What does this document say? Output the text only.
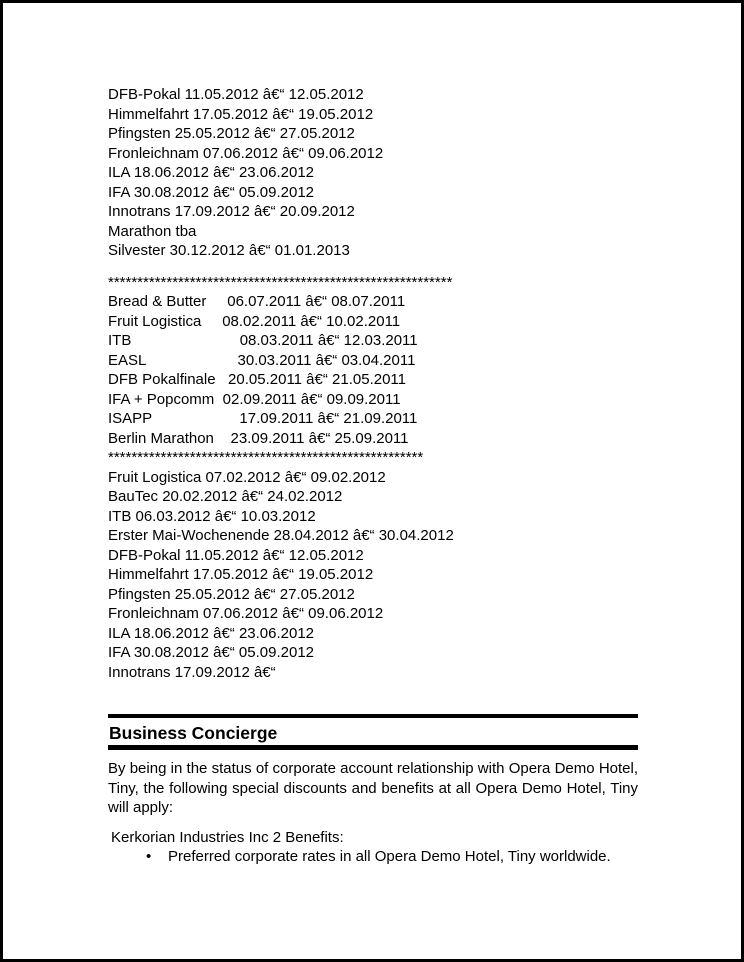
DFB-Pokal 11.05.2012 â€“ 12.05.2012
Himmelfahrt 17.05.2012 â€“ 19.05.2012
Pfingsten 25.05.2012 â€“ 27.05.2012
Fronleichnam 07.06.2012 â€“ 09.06.2012
ILA 18.06.2012 â€“ 23.06.2012
IFA 30.08.2012 â€“ 05.09.2012
Innotrans 17.09.2012 â€“ 20.09.2012
Marathon tba
Silvester 30.12.2012 â€“ 01.01.2013
***********************************************************
Bread & Butter     06.07.2011 â€“ 08.07.2011
Fruit Logistica     08.02.2011 â€“ 10.02.2011
ITB                          08.03.2011 â€“ 12.03.2011
EASL                      30.03.2011 â€“ 03.04.2011
DFB Pokalfinale   20.05.2011 â€“ 21.05.2011
IFA + Popcomm  02.09.2011 â€“ 09.09.2011
ISAPP                     17.09.2011 â€“ 21.09.2011
Berlin Marathon    23.09.2011 â€“ 25.09.2011
******************************************************
Fruit Logistica 07.02.2012 â€“ 09.02.2012
BauTec 20.02.2012 â€“ 24.02.2012
ITB 06.03.2012 â€“ 10.03.2012
Erster Mai-Wochenende 28.04.2012 â€“ 30.04.2012
DFB-Pokal 11.05.2012 â€“ 12.05.2012
Himmelfahrt 17.05.2012 â€“ 19.05.2012
Pfingsten 25.05.2012 â€“ 27.05.2012
Fronleichnam 07.06.2012 â€“ 09.06.2012
ILA 18.06.2012 â€“ 23.06.2012
IFA 30.08.2012 â€“ 05.09.2012
Innotrans 17.09.2012 â€“
Business Concierge
By being in the status of corporate account relationship with Opera Demo Hotel, Tiny, the following special discounts and benefits at all Opera Demo Hotel, Tiny will apply:
Kerkorian Industries Inc 2 Benefits:
•	Preferred corporate rates in all Opera Demo Hotel, Tiny worldwide.
